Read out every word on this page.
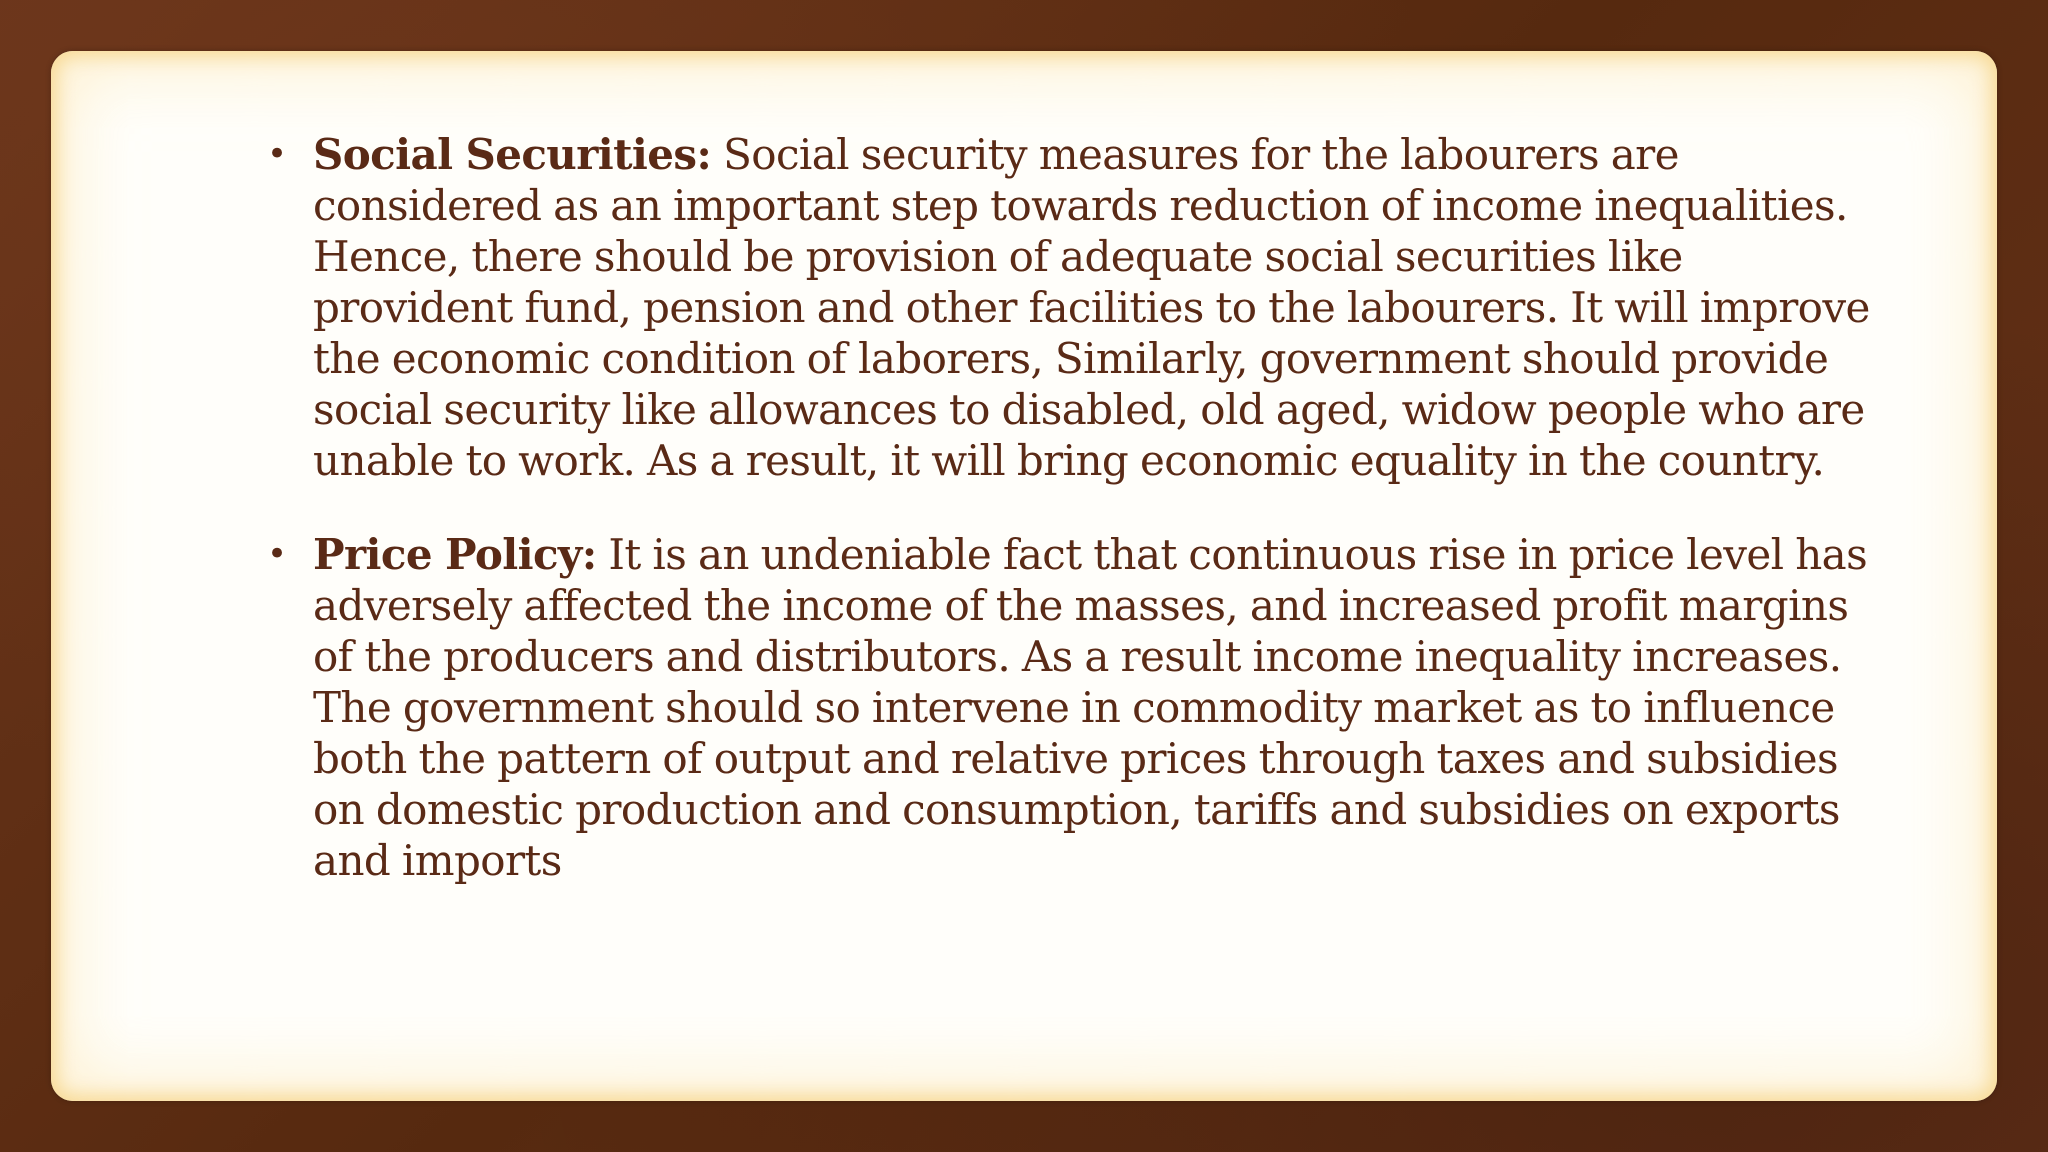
• Social Securities: Social security measures for the labourers are considered as an important step towards reduction of income inequalities. Hence, there should be provision of adequate social securities like provident fund, pension and other facilities to the labourers. It will improve the economic condition of laborers, Similarly, government should provide social security like allowances to disabled, old aged, widow people who are unable to work. As a result, it will bring economic equality in the country.
• Price Policy: It is an undeniable fact that continuous rise in price level has adversely affected the income of the masses, and increased profit margins of the producers and distributors. As a result income inequality increases. The government should so intervene in commodity market as to influence both the pattern of output and relative prices through taxes and subsidies on domestic production and consumption, tariffs and subsidies on exports and imports
